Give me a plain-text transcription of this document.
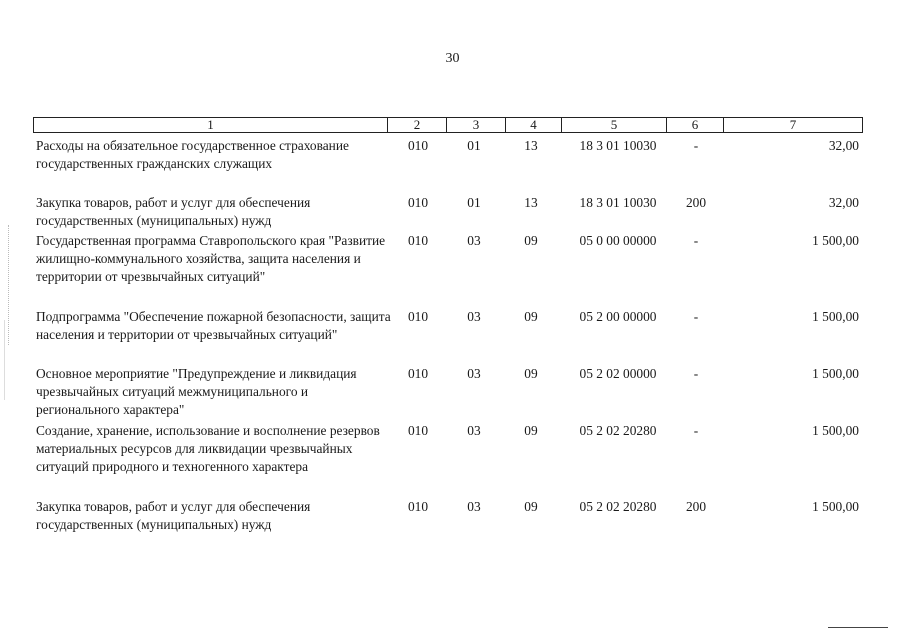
30
1	2	3	4	5	6	7
Расходы на обязательное государственное страхование государственных гражданских служащих
010	01	13	18 3 01 10030	-	32,00
Закупка товаров, работ и услуг для обеспечения государственных (муниципальных) нужд
010	01	13	18 3 01 10030	200	32,00
Государственная программа Ставропольского края "Развитие жилищно-коммунального хозяйства, защита населения и территории от чрезвычайных ситуаций"
010	03	09	05 0 00 00000	-	1 500,00
Подпрограмма "Обеспечение пожарной безопасности, защита населения и территории от чрезвычайных ситуаций"
010	03	09	05 2 00 00000	-	1 500,00
Основное мероприятие "Предупреждение и ликвидация чрезвычайных ситуаций межмуниципального и регионального характера"
010	03	09	05 2 02 00000	-	1 500,00
Создание, хранение, использование и восполнение резервов материальных ресурсов для ликвидации чрезвычайных ситуаций природного и техногенного характера
010	03	09	05 2 02 20280	-	1 500,00
Закупка товаров, работ и услуг для обеспечения государственных (муниципальных) нужд
010	03	09	05 2 02 20280	200	1 500,00
